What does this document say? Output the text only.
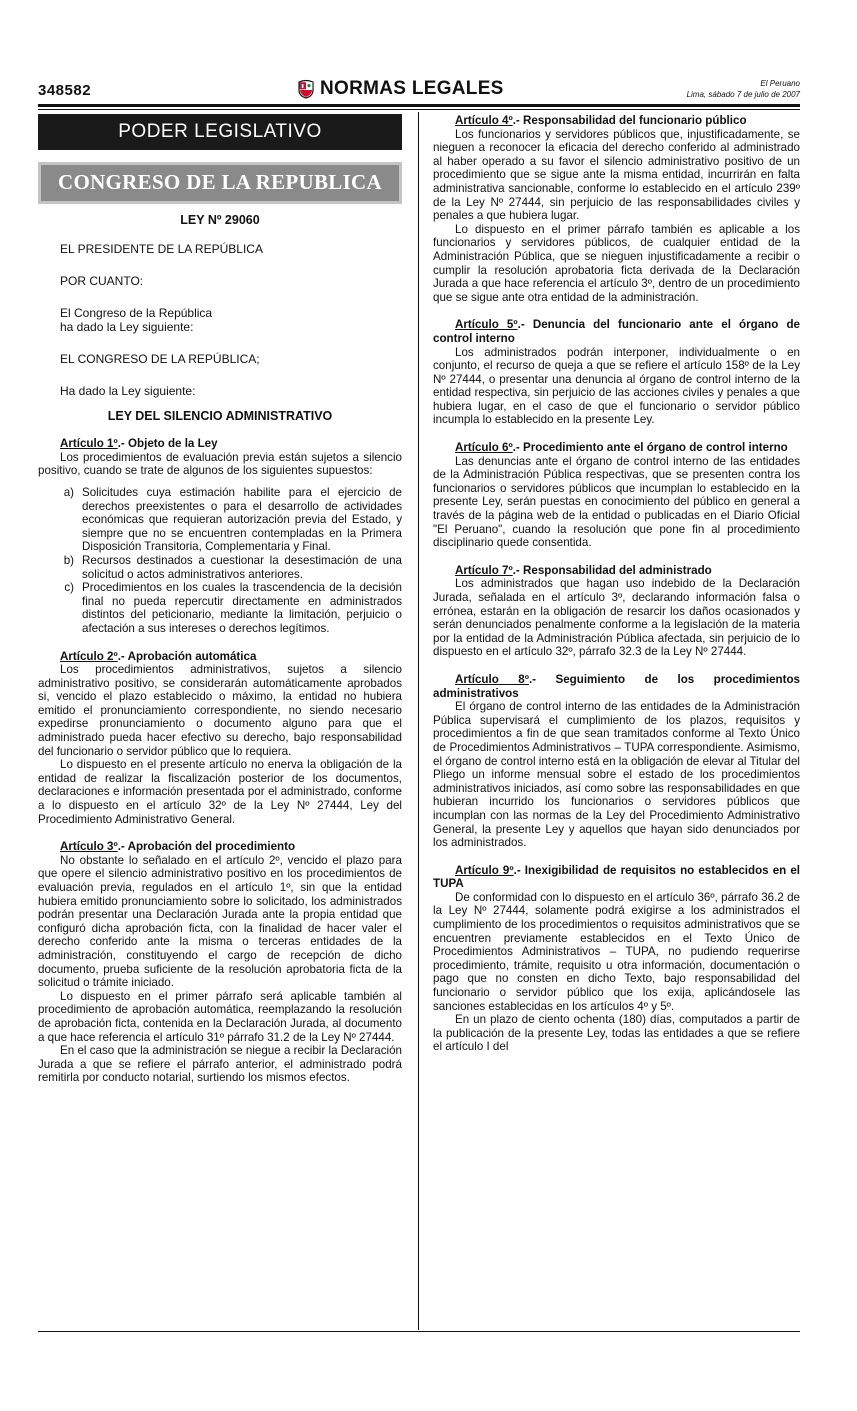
348582	NORMAS LEGALES	El Peruano
Lima, sábado 7 de julio de 2007
PODER LEGISLATIVO
CONGRESO DE LA REPUBLICA
LEY Nº 29060
EL PRESIDENTE DE LA REPÚBLICA
POR CUANTO:
El Congreso de la República
ha dado la Ley siguiente:
EL CONGRESO DE LA REPÚBLICA;
Ha dado la Ley siguiente:
LEY DEL SILENCIO ADMINISTRATIVO
Artículo 1º.- Objeto de la Ley

Los procedimientos de evaluación previa están sujetos a silencio positivo, cuando se trate de algunos de los siguientes supuestos:

a) Solicitudes cuya estimación habilite para el ejercicio de derechos preexistentes o para el desarrollo de actividades económicas que requieran autorización previa del Estado, y siempre que no se encuentren contempladas en la Primera Disposición Transitoria, Complementaria y Final.
b) Recursos destinados a cuestionar la desestimación de una solicitud o actos administrativos anteriores.
c) Procedimientos en los cuales la trascendencia de la decisión final no pueda repercutir directamente en administrados distintos del peticionario, mediante la limitación, perjuicio o afectación a sus intereses o derechos legítimos.
Artículo 2º.- Aprobación automática

Los procedimientos administrativos, sujetos a silencio administrativo positivo, se considerarán automáticamente aprobados si, vencido el plazo establecido o máximo, la entidad no hubiera emitido el pronunciamiento correspondiente, no siendo necesario expedirse pronunciamiento o documento alguno para que el administrado pueda hacer efectivo su derecho, bajo responsabilidad del funcionario o servidor público que lo requiera.

Lo dispuesto en el presente artículo no enerva la obligación de la entidad de realizar la fiscalización posterior de los documentos, declaraciones e información presentada por el administrado, conforme a lo dispuesto en el artículo 32º de la Ley Nº 27444, Ley del Procedimiento Administrativo General.

Artículo 3º.- Aprobación del procedimiento

No obstante lo señalado en el artículo 2º, vencido el plazo para que opere el silencio administrativo positivo en los procedimientos de evaluación previa, regulados en el artículo 1º, sin que la entidad hubiera emitido pronunciamiento sobre lo solicitado, los administrados podrán presentar una Declaración Jurada ante la propia entidad que configuró dicha aprobación ficta, con la finalidad de hacer valer el derecho conferido ante la misma o terceras entidades de la administración, constituyendo el cargo de recepción de dicho documento, prueba suficiente de la resolución aprobatoria ficta de la solicitud o trámite iniciado.

Lo dispuesto en el primer párrafo será aplicable también al procedimiento de aprobación automática, reemplazando la resolución de aprobación ficta, contenida en la Declaración Jurada, al documento a que hace referencia el artículo 31º párrafo 31.2 de la Ley Nº 27444.

En el caso que la administración se niegue a recibir la Declaración Jurada a que se refiere el párrafo anterior, el administrado podrá remitirla por conducto notarial, surtiendo los mismos efectos.

Artículo 4º.- Responsabilidad del funcionario público

Los funcionarios y servidores públicos que, injustificadamente, se nieguen a reconocer la eficacia del derecho conferido al administrado al haber operado a su favor el silencio administrativo positivo de un procedimiento que se sigue ante la misma entidad, incurrirán en falta administrativa sancionable, conforme lo establecido en el artículo 239º de la Ley Nº 27444, sin perjuicio de las responsabilidades civiles y penales a que hubiera lugar.

Lo dispuesto en el primer párrafo también es aplicable a los funcionarios y servidores públicos, de cualquier entidad de la Administración Pública, que se nieguen injustificadamente a recibir o cumplir la resolución aprobatoria ficta derivada de la Declaración Jurada a que hace referencia el artículo 3º, dentro de un procedimiento que se sigue ante otra entidad de la administración.

Artículo 5º.- Denuncia del funcionario ante el órgano de control interno

Los administrados podrán interponer, individualmente o en conjunto, el recurso de queja a que se refiere el artículo 158º de la Ley Nº 27444, o presentar una denuncia al órgano de control interno de la entidad respectiva, sin perjuicio de las acciones civiles y penales a que hubiera lugar, en el caso de que el funcionario o servidor público incumpla lo establecido en la presente Ley.

Artículo 6º.- Procedimiento ante el órgano de control interno

Las denuncias ante el órgano de control interno de las entidades de la Administración Pública respectivas, que se presenten contra los funcionarios o servidores públicos que incumplan lo establecido en la presente Ley, serán puestas en conocimiento del público en general a través de la página web de la entidad o publicadas en el Diario Oficial "El Peruano", cuando la resolución que pone fin al procedimiento disciplinario quede consentida.

Artículo 7º.- Responsabilidad del administrado

Los administrados que hagan uso indebido de la Declaración Jurada, señalada en el artículo 3º, declarando información falsa o errónea, estarán en la obligación de resarcir los daños ocasionados y serán denunciados penalmente conforme a la legislación de la materia por la entidad de la Administración Pública afectada, sin perjuicio de lo dispuesto en el artículo 32º, párrafo 32.3 de la Ley Nº 27444.

Artículo 8º.- Seguimiento de los procedimientos administrativos

El órgano de control interno de las entidades de la Administración Pública supervisará el cumplimiento de los plazos, requisitos y procedimientos a fin de que sean tramitados conforme al Texto Único de Procedimientos Administrativos – TUPA correspondiente. Asimismo, el órgano de control interno está en la obligación de elevar al Titular del Pliego un informe mensual sobre el estado de los procedimientos administrativos iniciados, así como sobre las responsabilidades en que hubieran incurrido los funcionarios o servidores públicos que incumplan con las normas de la Ley del Procedimiento Administrativo General, la presente Ley y aquellos que hayan sido denunciados por los administrados.

Artículo 9º.- Inexigibilidad de requisitos no establecidos en el TUPA

De conformidad con lo dispuesto en el artículo 36º, párrafo 36.2 de la Ley Nº 27444, solamente podrá exigirse a los administrados el cumplimiento de los procedimientos o requisitos administrativos que se encuentren previamente establecidos en el Texto Único de Procedimientos Administrativos – TUPA, no pudiendo requerirse procedimiento, trámite, requisito u otra información, documentación o pago que no consten en dicho Texto, bajo responsabilidad del funcionario o servidor público que los exija, aplicándosele las sanciones establecidas en los artículos 4º y 5º.

En un plazo de ciento ochenta (180) días, computados a partir de la publicación de la presente Ley, todas las entidades a que se refiere el artículo I del
